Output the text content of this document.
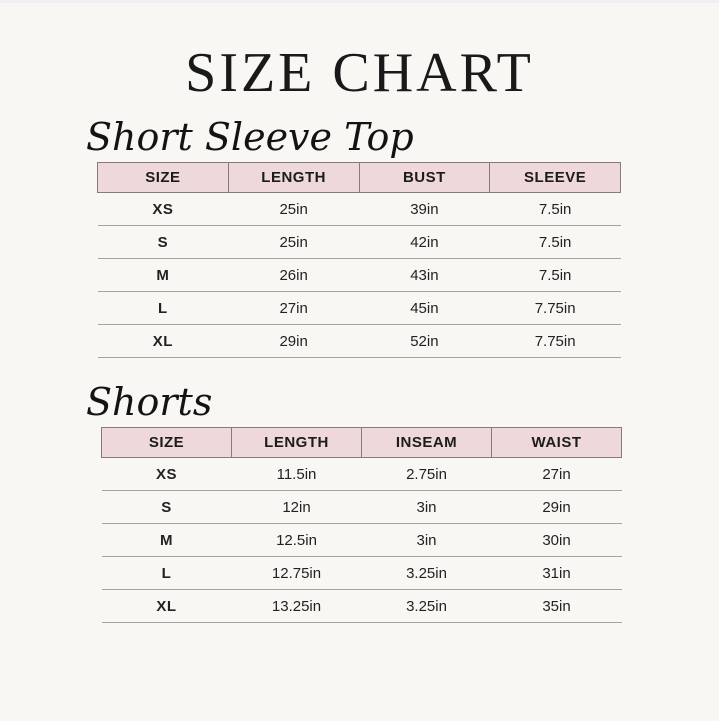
SIZE CHART
Short Sleeve Top
SIZE	LENGTH	BUST	SLEEVE
XS	25in	39in	7.5in
S	25in	42in	7.5in
M	26in	43in	7.5in
L	27in	45in	7.75in
XL	29in	52in	7.75in
Shorts
SIZE	LENGTH	INSEAM	WAIST
XS	11.5in	2.75in	27in
S	12in	3in	29in
M	12.5in	3in	30in
L	12.75in	3.25in	31in
XL	13.25in	3.25in	35in
